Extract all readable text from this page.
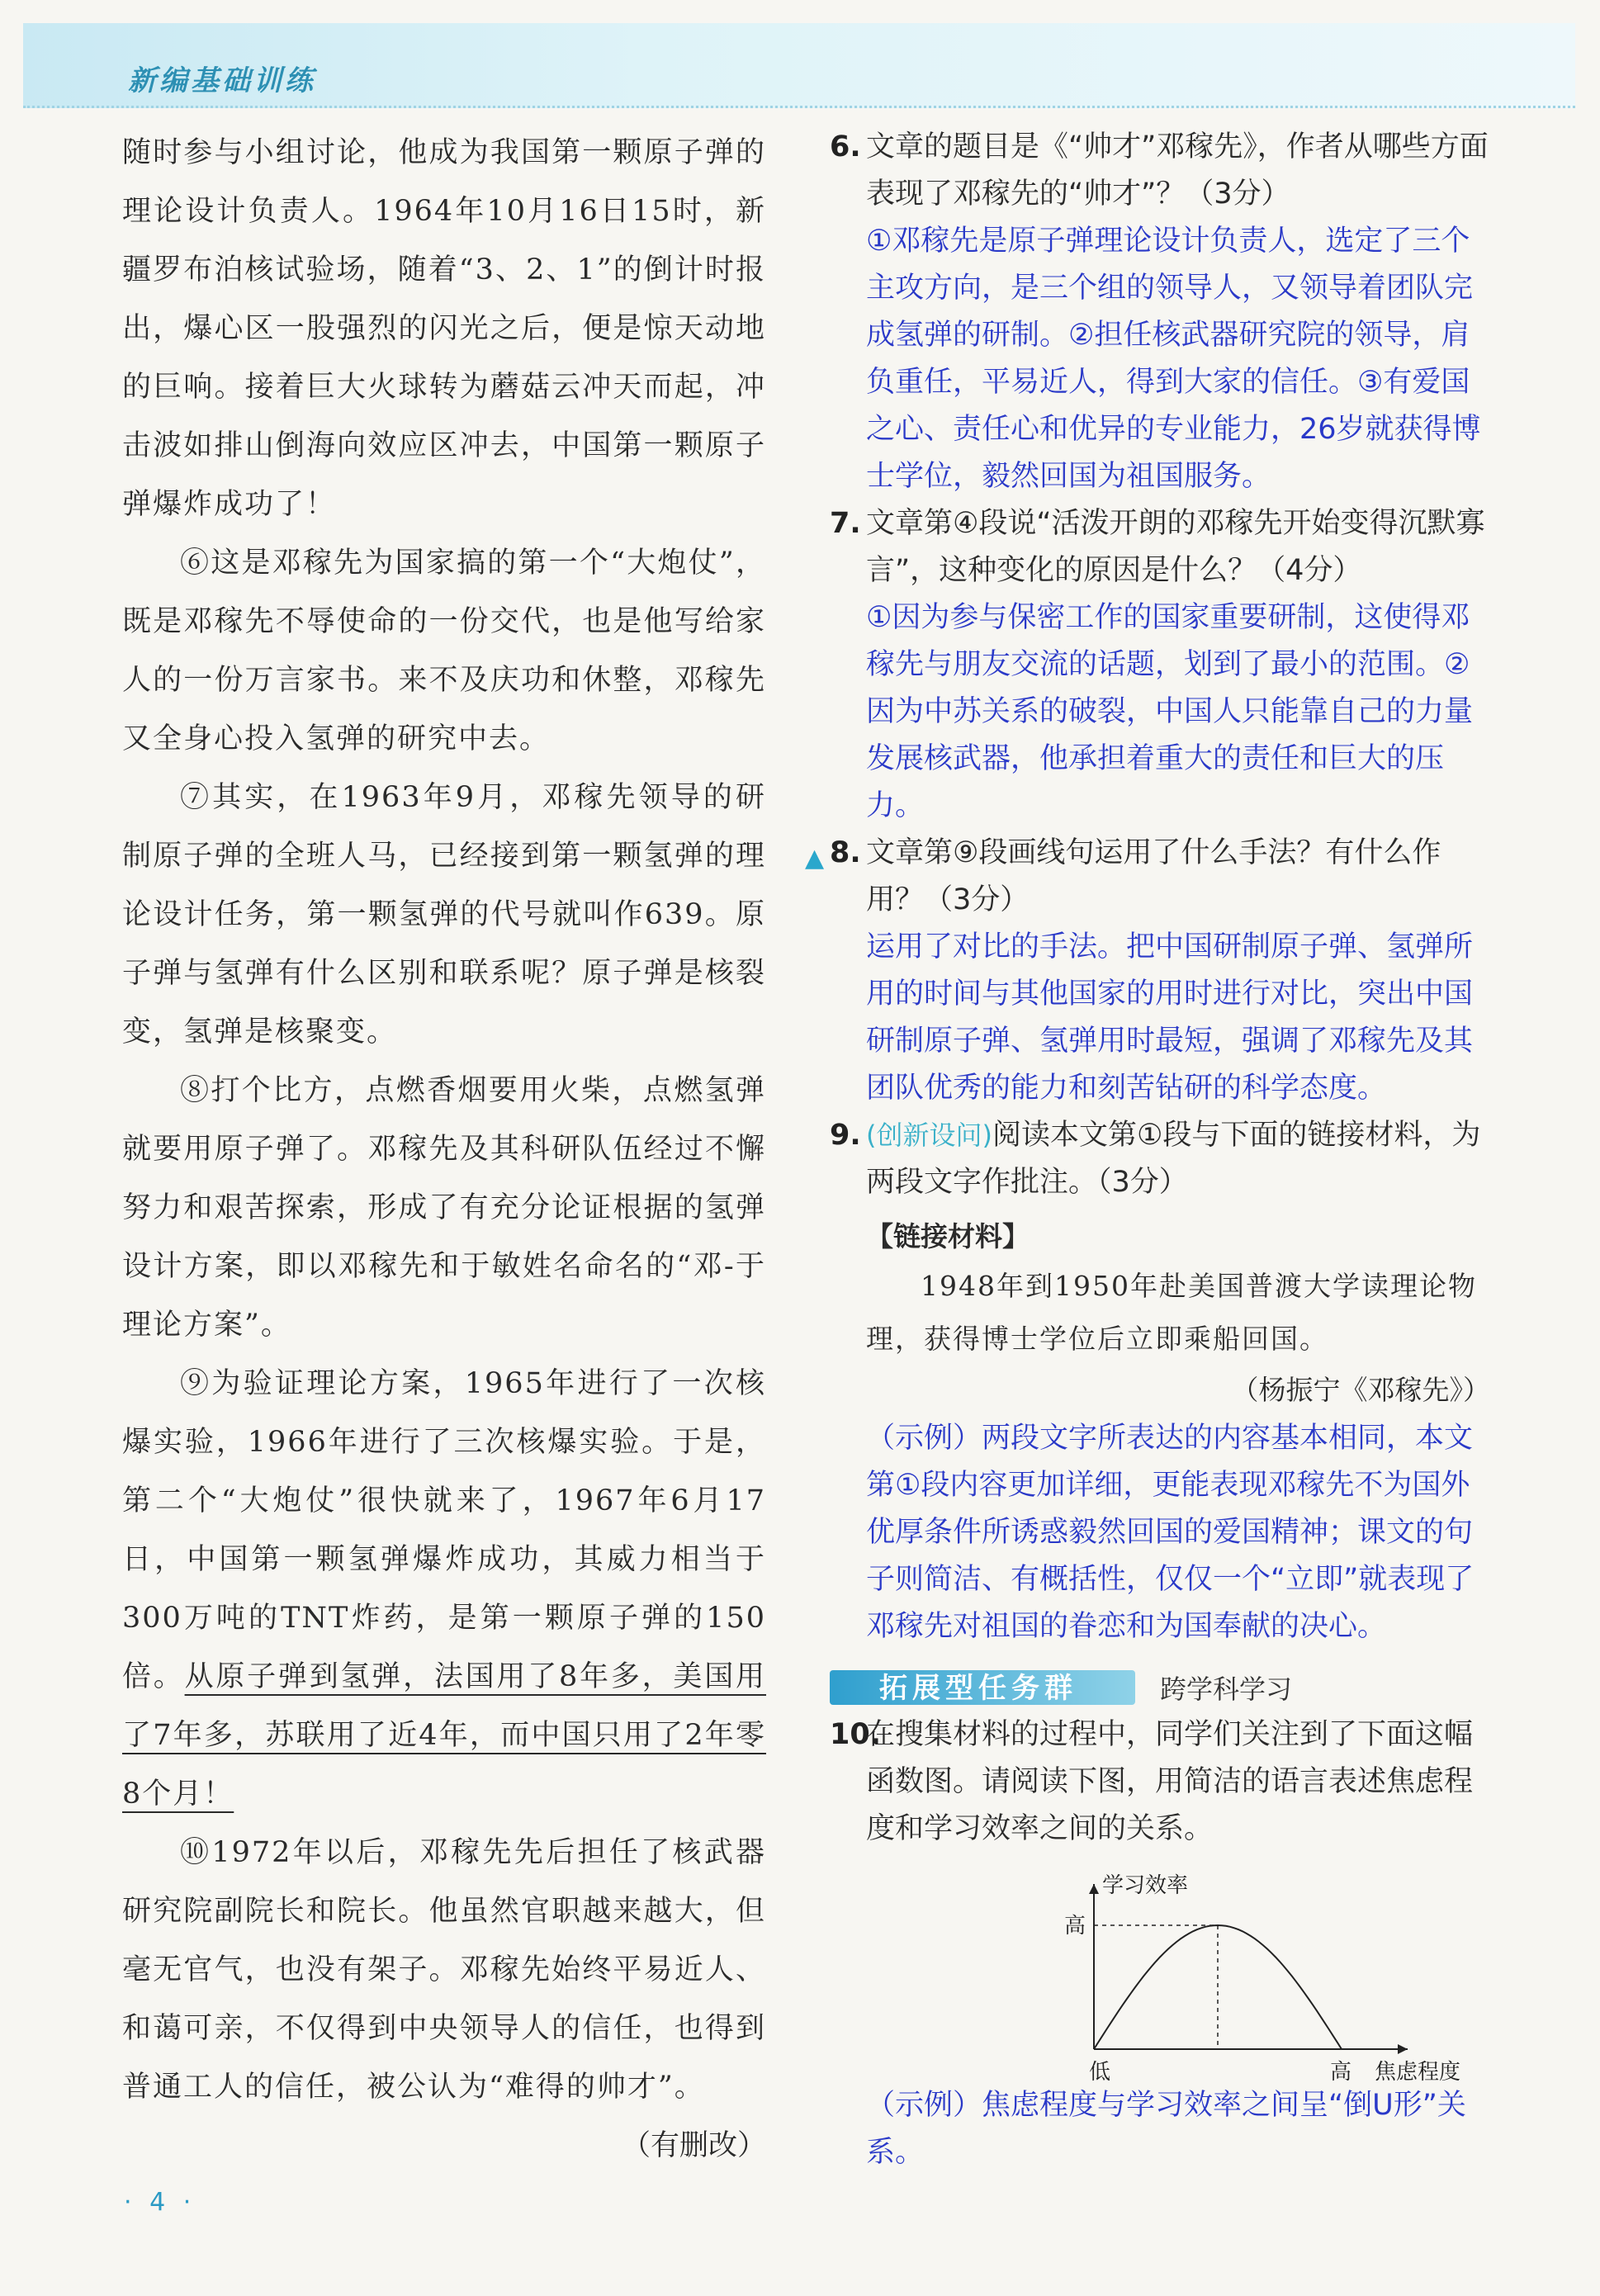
新编基础训练

随时参与小组讨论，他成为我国第一颗原子弹的理论设计负责人。1964年10月16日15时，新疆罗布泊核试验场，随着“3、2、1”的倒计时报出，爆心区一股强烈的闪光之后，便是惊天动地的巨响。接着巨大火球转为蘑菇云冲天而起，冲击波如排山倒海向效应区冲去，中国第一颗原子弹爆炸成功了！

⑥这是邓稼先为国家搞的第一个“大炮仗”，既是邓稼先不辱使命的一份交代，也是他写给家人的一份万言家书。来不及庆功和休整，邓稼先又全身心投入氢弹的研究中去。

⑦其实，在1963年9月，邓稼先领导的研制原子弹的全班人马，已经接到第一颗氢弹的理论设计任务，第一颗氢弹的代号就叫作639。原子弹与氢弹有什么区别和联系呢？原子弹是核裂变，氢弹是核聚变。

⑧打个比方，点燃香烟要用火柴，点燃氢弹就要用原子弹了。邓稼先及其科研队伍经过不懈努力和艰苦探索，形成了有充分论证根据的氢弹设计方案，即以邓稼先和于敏姓名命名的“邓-于理论方案”。

⑨为验证理论方案，1965年进行了一次核爆实验，1966年进行了三次核爆实验。于是，第二个“大炮仗”很快就来了，1967年6月17日，中国第一颗氢弹爆炸成功，其威力相当于300万吨的TNT炸药，是第一颗原子弹的150倍。从原子弹到氢弹，法国用了8年多，美国用了7年多，苏联用了近4年，而中国只用了2年零8个月！

⑩1972年以后，邓稼先先后担任了核武器研究院副院长和院长。他虽然官职越来越大，但毫无官气，也没有架子。邓稼先始终平易近人、和蔼可亲，不仅得到中央领导人的信任，也得到普通工人的信任，被公认为“难得的帅才”。

（有删改）

6. 文章的题目是《“帅才”邓稼先》，作者从哪些方面表现了邓稼先的“帅才”？（3分）

①邓稼先是原子弹理论设计负责人，选定了三个主攻方向，是三个组的领导人，又领导着团队完成氢弹的研制。②担任核武器研究院的领导，肩负重任，平易近人，得到大家的信任。③有爱国之心、责任心和优异的专业能力，26岁就获得博士学位，毅然回国为祖国服务。

7. 文章第④段说“活泼开朗的邓稼先开始变得沉默寡言”，这种变化的原因是什么？（4分）

①因为参与保密工作的国家重要研制，这使得邓稼先与朋友交流的话题，划到了最小的范围。②因为中苏关系的破裂，中国人只能靠自己的力量发展核武器，他承担着重大的责任和巨大的压力。

▲ 8. 文章第⑨段画线句运用了什么手法？有什么作用？（3分）

运用了对比的手法。把中国研制原子弹、氢弹所用的时间与其他国家的用时进行对比，突出中国研制原子弹、氢弹用时最短，强调了邓稼先及其团队优秀的能力和刻苦钻研的科学态度。

9. (创新设问)阅读本文第①段与下面的链接材料，为两段文字作批注。（3分）

【链接材料】

1948年到1950年赴美国普渡大学读理论物理，获得博士学位后立即乘船回国。

（杨振宁《邓稼先》）

（示例）两段文字所表达的内容基本相同，本文第①段内容更加详细，更能表现邓稼先不为国外优厚条件所诱惑毅然回国的爱国精神；课文的句子则简洁、有概括性，仅仅一个“立即”就表现了邓稼先对祖国的眷恋和为国奉献的决心。

拓展型任务群	跨学科学习

10.
在搜集材料的过程中，同学们关注到了下面这幅函数图。请阅读下图，用简洁的语言表述焦虑程度和学习效率之间的关系。

学习效率
高
低	高 焦虑程度

（示例）焦虑程度与学习效率之间呈“倒U形”关系。

· 4 ·
